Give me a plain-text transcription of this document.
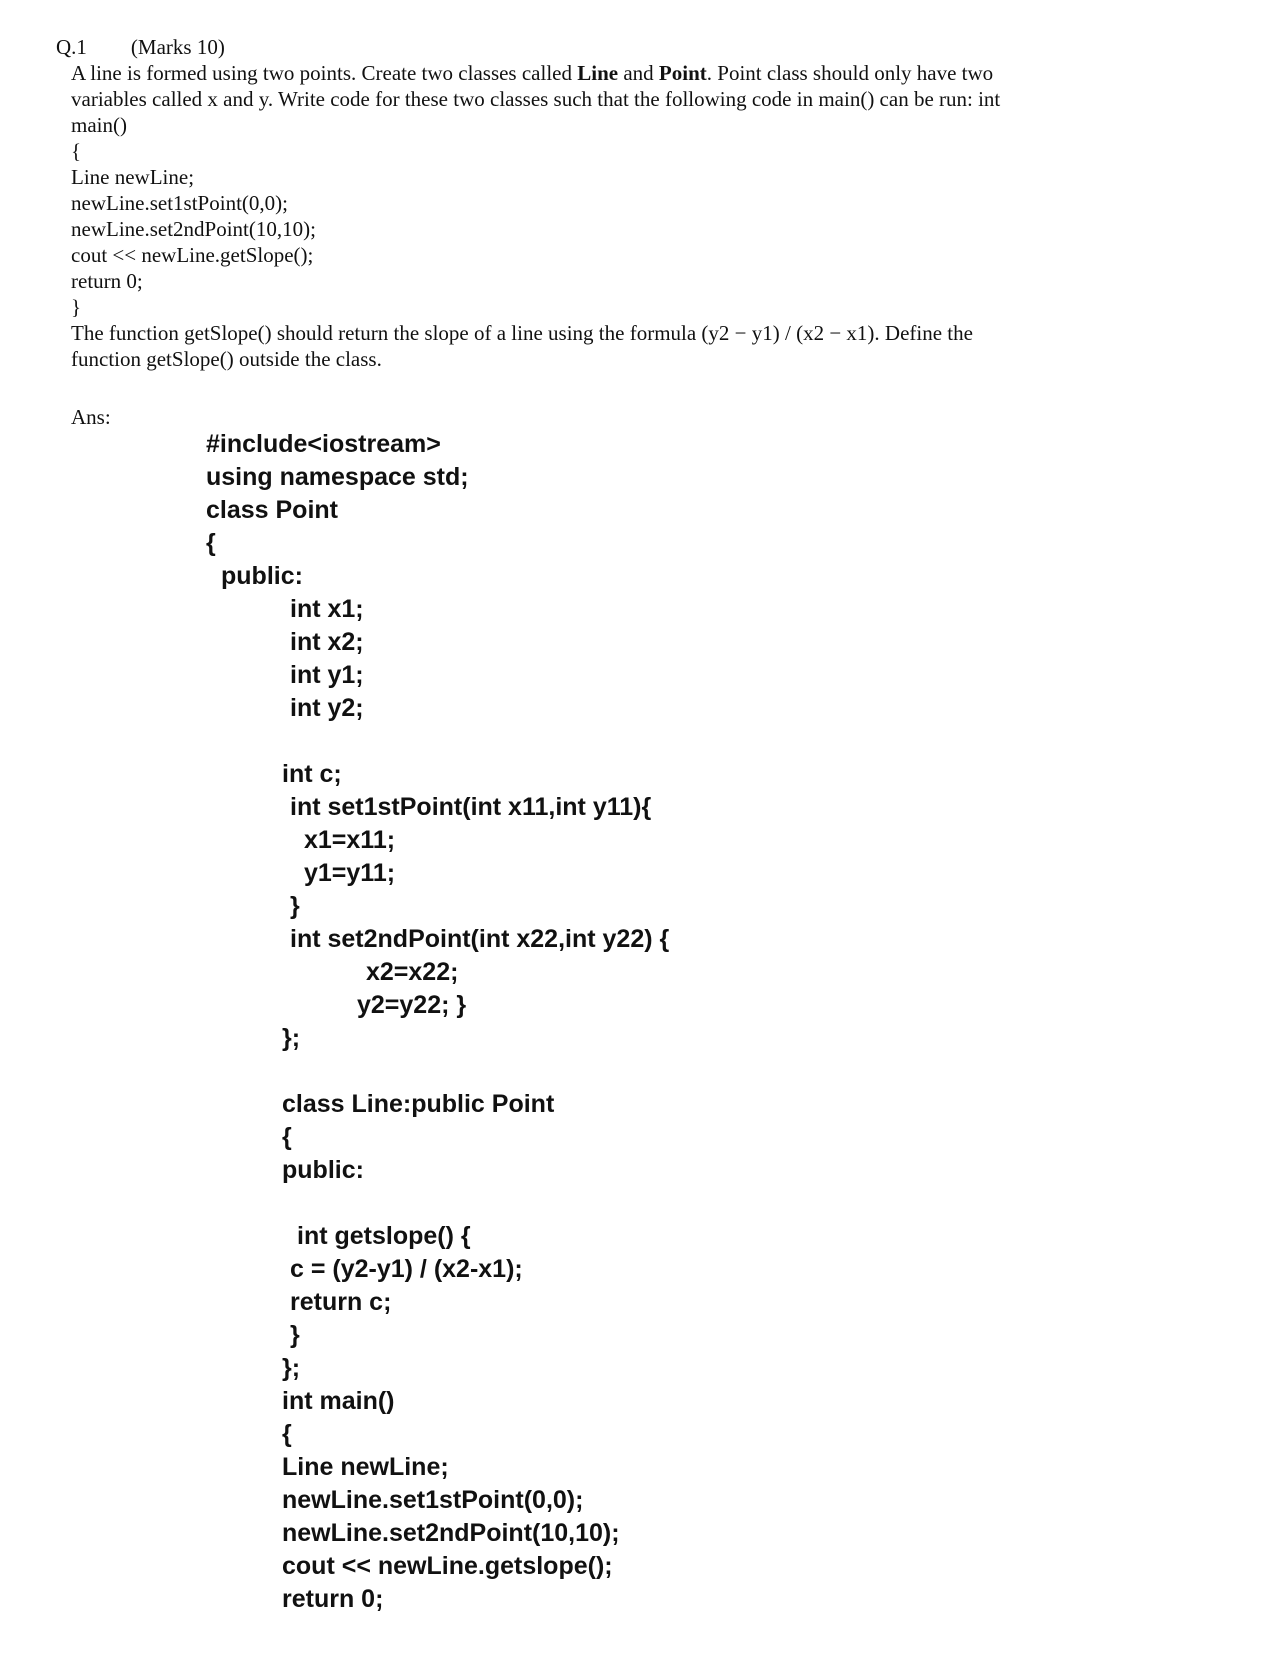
Q.1 (Marks 10)
A line is formed using two points. Create two classes called Line and Point. Point class should only have two
variables called x and y. Write code for these two classes such that the following code in main() can be run: int
main()
{
Line newLine;
newLine.set1stPoint(0,0);
newLine.set2ndPoint(10,10);
cout << newLine.getSlope();
return 0;
}
The function getSlope() should return the slope of a line using the formula (y2 − y1) / (x2 − x1). Define the
function getSlope() outside the class.
Ans:
#include<iostream>
using namespace std;
class Point
{
public:
int x1;
int x2;
int y1;
int y2;
int c;
int set1stPoint(int x11,int y11){
x1=x11;
y1=y11;
}
int set2ndPoint(int x22,int y22) {
x2=x22;
y2=y22; }
};
class Line:public Point
{
public:
int getslope() {
c = (y2-y1) / (x2-x1);
return c;
}
};
int main()
{
Line newLine;
newLine.set1stPoint(0,0);
newLine.set2ndPoint(10,10);
cout << newLine.getslope();
return 0;
